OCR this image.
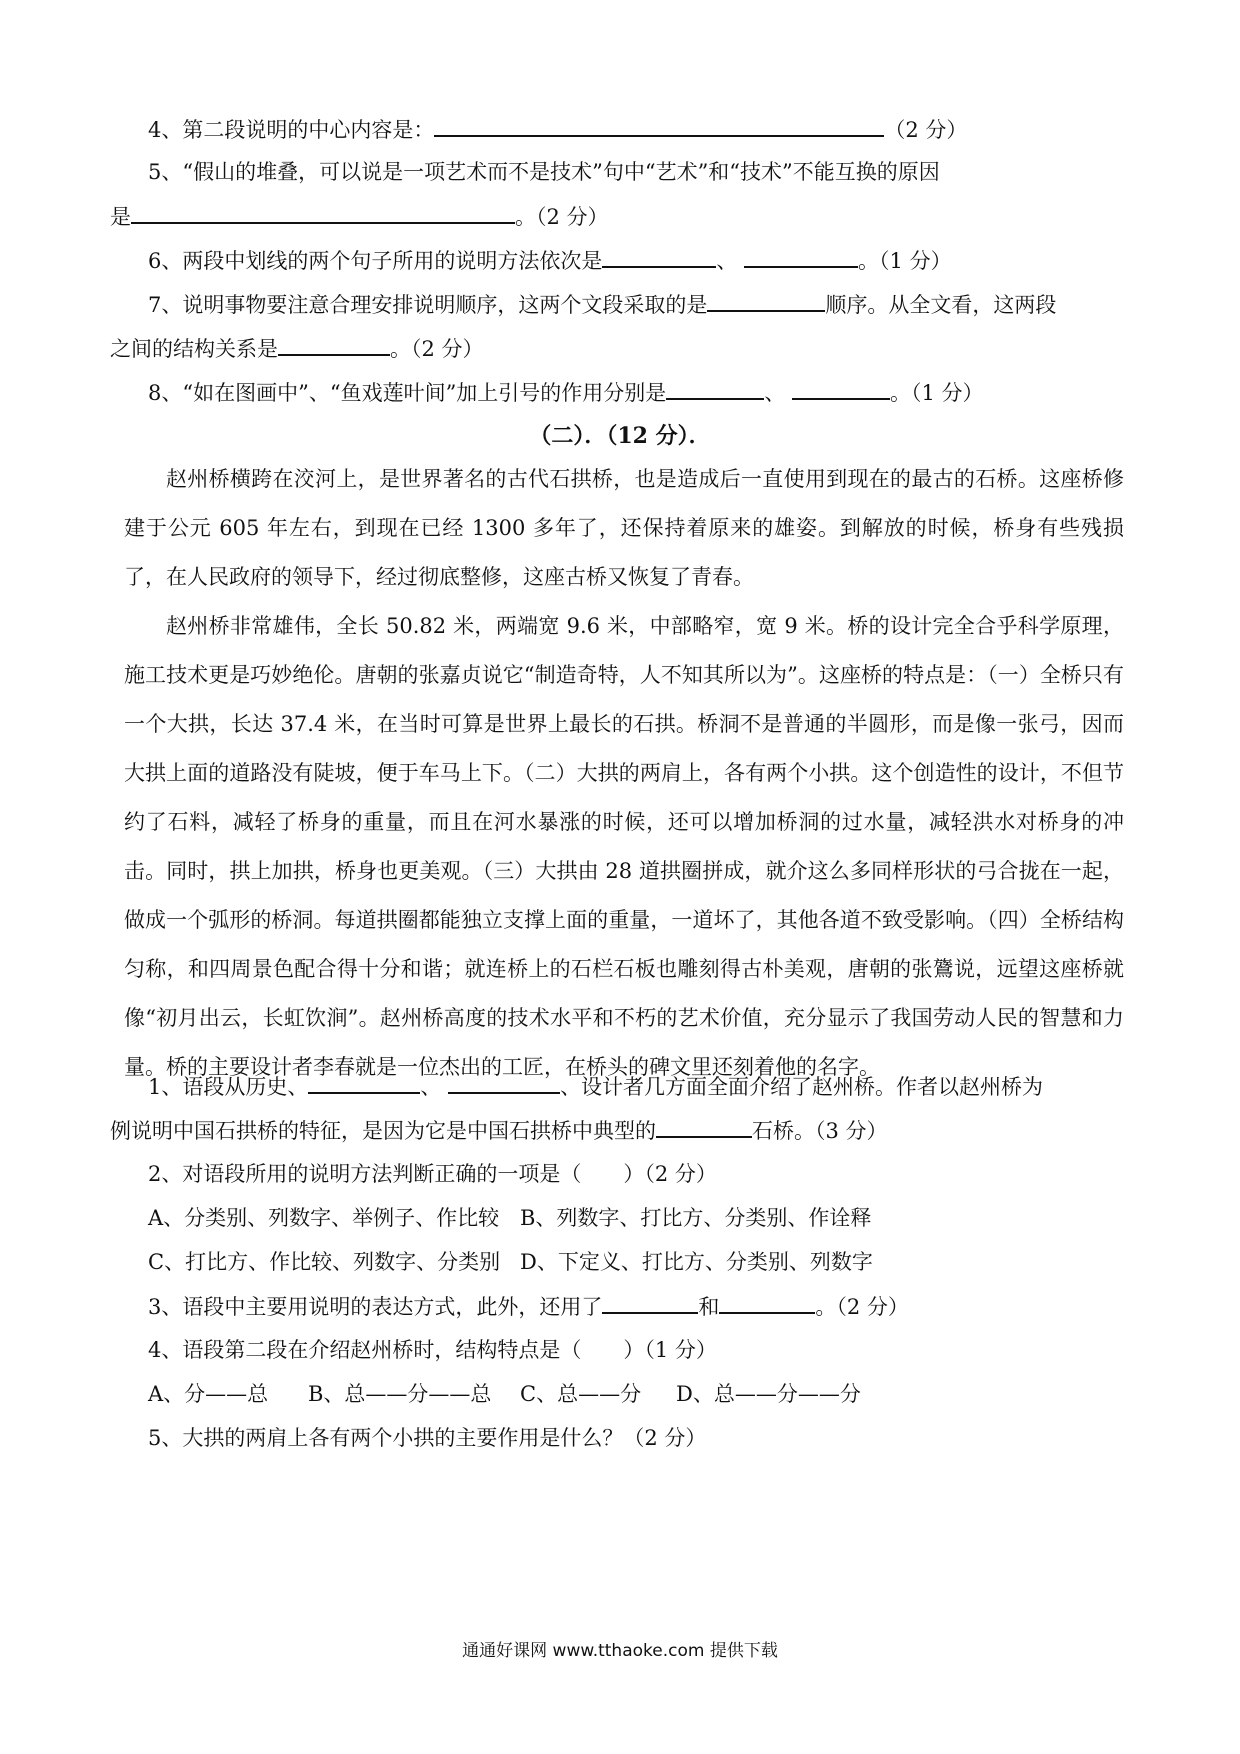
4、第二段说明的中心内容是：	（2 分）
5、“假山的堆叠，可以说是一项艺术而不是技术”句中“艺术”和“技术”不能互换的原因
是	。（2 分）
6、两段中划线的两个句子所用的说明方法依次是	、	。（1 分）
7、说明事物要注意合理安排说明顺序，这两个文段采取的是	顺序。从全文看，这两段
之间的结构关系是	。（2 分）
8、“如在图画中”、“鱼戏莲叶间”加上引号的作用分别是	、	。（1 分）
（二）．（12 分）．
赵州桥横跨在洨河上，是世界著名的古代石拱桥，也是造成后一直使用到现在的最古的石桥。这座桥修建于公元 605 年左右，到现在已经 1300 多年了，还保持着原来的雄姿。到解放的时候，桥身有些残损了，在人民政府的领导下，经过彻底整修，这座古桥又恢复了青春。
赵州桥非常雄伟，全长 50.82 米，两端宽 9.6 米，中部略窄，宽 9 米。桥的设计完全合乎科学原理，施工技术更是巧妙绝伦。唐朝的张嘉贞说它“制造奇特，人不知其所以为”。这座桥的特点是：（一）全桥只有一个大拱，长达 37.4 米，在当时可算是世界上最长的石拱。桥洞不是普通的半圆形，而是像一张弓，因而大拱上面的道路没有陡坡，便于车马上下。（二）大拱的两肩上，各有两个小拱。这个创造性的设计，不但节约了石料，减轻了桥身的重量，而且在河水暴涨的时候，还可以增加桥洞的过水量，减轻洪水对桥身的冲击。同时，拱上加拱，桥身也更美观。（三）大拱由 28 道拱圈拼成，就介这么多同样形状的弓合拢在一起，做成一个弧形的桥洞。每道拱圈都能独立支撑上面的重量，一道坏了，其他各道不致受影响。（四）全桥结构匀称，和四周景色配合得十分和谐；就连桥上的石栏石板也雕刻得古朴美观，唐朝的张鷟说，远望这座桥就像“初月出云，长虹饮涧”。赵州桥高度的技术水平和不朽的艺术价值，充分显示了我国劳动人民的智慧和力量。桥的主要设计者李春就是一位杰出的工匠，在桥头的碑文里还刻着他的名字。
1、语段从历史、	、	、设计者几方面全面介绍了赵州桥。作者以赵州桥为
例说明中国石拱桥的特征，是因为它是中国石拱桥中典型的	石桥。（3 分）
2、对语段所用的说明方法判断正确的一项是（　　）（2 分）
A、分类别、列数字、举例子、作比较 B、列数字、打比方、分类别、作诠释
C、打比方、作比较、列数字、分类别 D、下定义、打比方、分类别、列数字
3、语段中主要用说明的表达方式，此外，还用了	和	。（2 分）
4、语段第二段在介绍赵州桥时，结构特点是（　　）（1 分）
A、分——总 B、总——分——总 C、总——分 D、总——分——分
5、大拱的两肩上各有两个小拱的主要作用是什么？（2 分）
通通好课网 www.tthaoke.com 提供下载
